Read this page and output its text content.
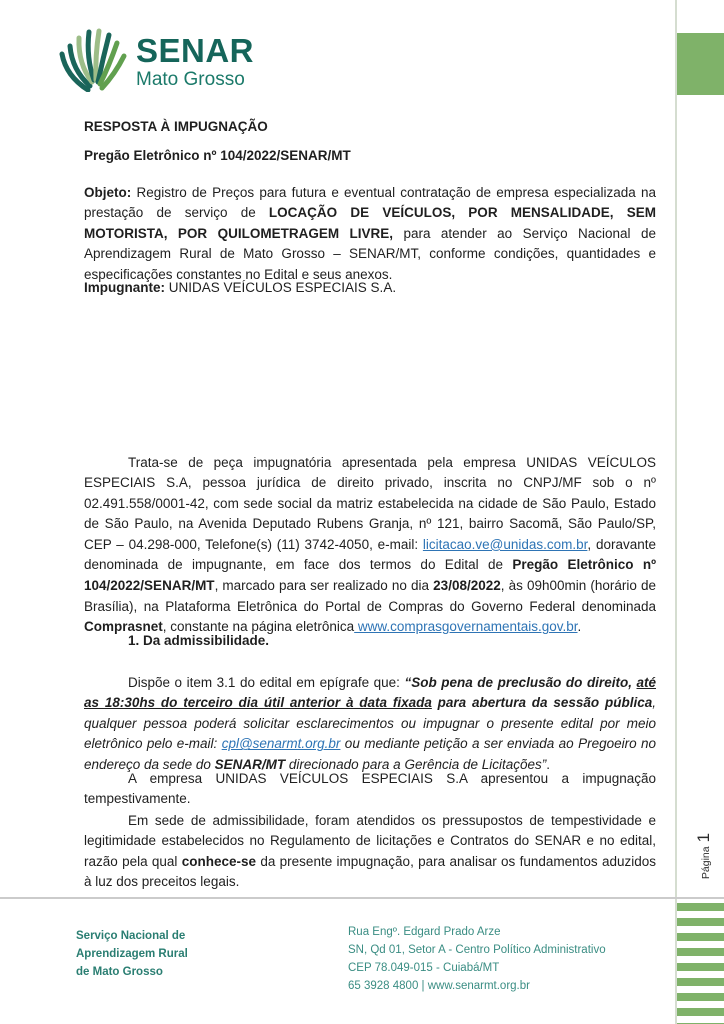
Página
1
SENAR
Mato Grosso
RESPOSTA À IMPUGNAÇÃO
Pregão Eletrônico nº 104/2022/SENAR/MT

Objeto: Registro de Preços para futura e eventual contratação de empresa especializada na prestação de serviço de LOCAÇÃO DE VEÍCULOS, POR MENSALIDADE, SEM MOTORISTA, POR QUILOMETRAGEM LIVRE, para atender ao Serviço Nacional de Aprendizagem Rural de Mato Grosso – SENAR/MT, conforme condições, quantidades e especificações constantes no Edital e seus anexos.

Impugnante: UNIDAS VEÍCULOS ESPECIAIS S.A.

Trata-se de peça impugnatória apresentada pela empresa UNIDAS VEÍCULOS ESPECIAIS S.A, pessoa jurídica de direito privado, inscrita no CNPJ/MF sob o nº 02.491.558/0001-42, com sede social da matriz estabelecida na cidade de São Paulo, Estado de São Paulo, na Avenida Deputado Rubens Granja, nº 121, bairro Sacomã, São Paulo/SP, CEP – 04.298-000, Telefone(s) (11) 3742-4050, e-mail: licitacao.ve@unidas.com.br, doravante denominada de impugnante, em face dos termos do Edital de Pregão Eletrônico nº 104/2022/SENAR/MT, marcado para ser realizado no dia 23/08/2022, às 09h00min (horário de Brasília), na Plataforma Eletrônica do Portal de Compras do Governo Federal denominada Comprasnet, constante na página eletrônica www.comprasgovernamentais.gov.br.

1. Da admissibilidade.

Dispõe o item 3.1 do edital em epígrafe que: “Sob pena de preclusão do direito, até as 18:30hs do terceiro dia útil anterior à data fixada para abertura da sessão pública, qualquer pessoa poderá solicitar esclarecimentos ou impugnar o presente edital por meio eletrônico pelo e-mail: cpl@senarmt.org.br ou mediante petição a ser enviada ao Pregoeiro no endereço da sede do SENAR/MT direcionado para a Gerência de Licitações”.

A empresa UNIDAS VEÍCULOS ESPECIAIS S.A apresentou a impugnação tempestivamente.

Em sede de admissibilidade, foram atendidos os pressupostos de tempestividade e legitimidade estabelecidos no Regulamento de licitações e Contratos do SENAR e no edital, razão pela qual conhece-se da presente impugnação, para analisar os fundamentos aduzidos à luz dos preceitos legais.

Serviço Nacional de
Aprendizagem Rural
de Mato Grosso
Rua Engº. Edgard Prado Arze
SN, Qd 01, Setor A - Centro Político Administrativo
CEP 78.049-015 - Cuiabá/MT
65 3928 4800 | www.senarmt.org.br
